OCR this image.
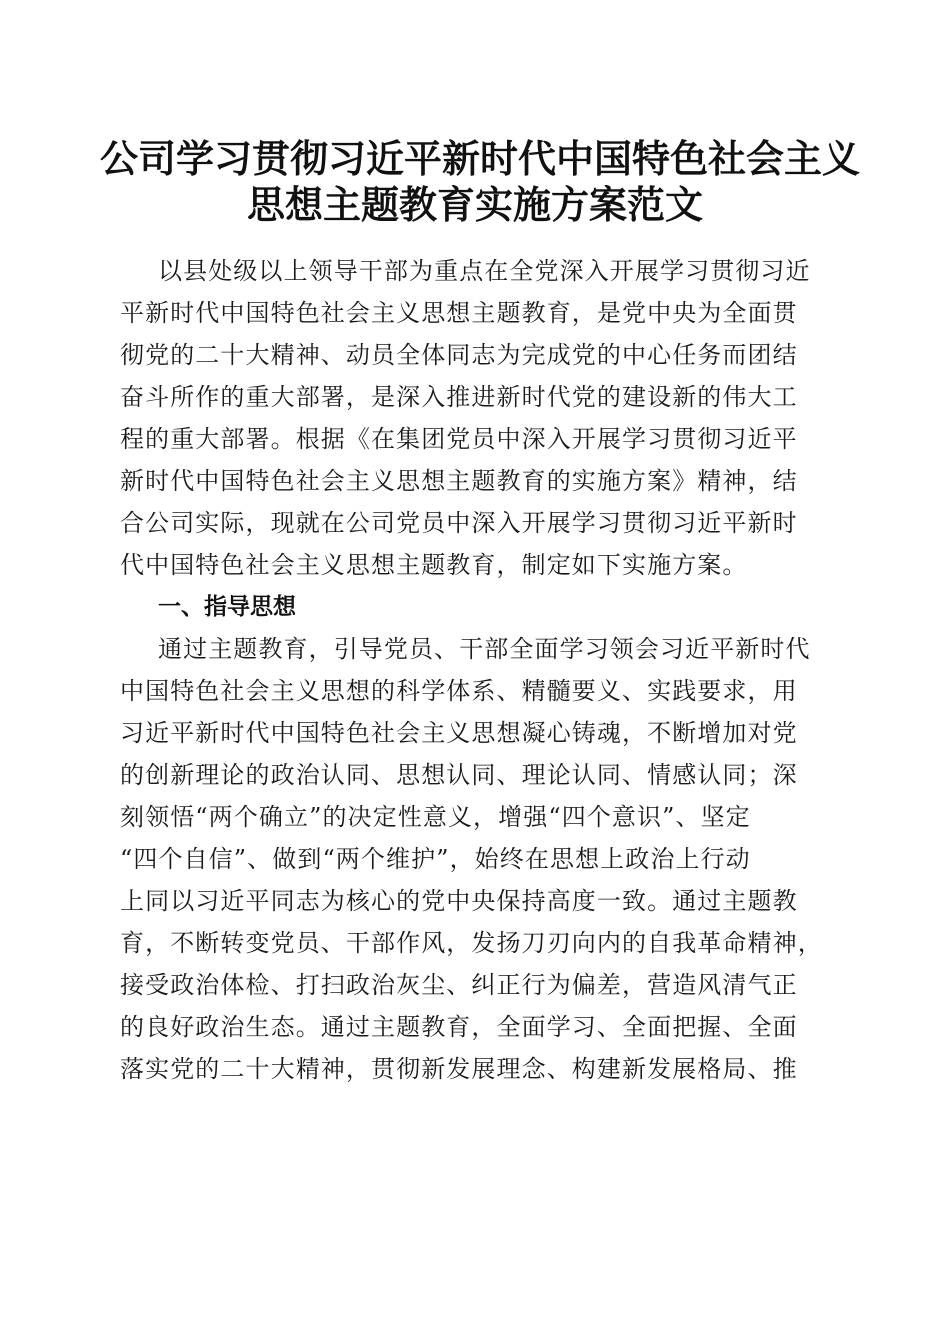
公司学习贯彻习近平新时代中国特色社会主义
思想主题教育实施方案范文
以县处级以上领导干部为重点在全党深入开展学习贯彻习近
平新时代中国特色社会主义思想主题教育，是党中央为全面贯
彻党的二十大精神、动员全体同志为完成党的中心任务而团结
奋斗所作的重大部署，是深入推进新时代党的建设新的伟大工
程的重大部署。根据《在集团党员中深入开展学习贯彻习近平
新时代中国特色社会主义思想主题教育的实施方案》精神，结
合公司实际，现就在公司党员中深入开展学习贯彻习近平新时
代中国特色社会主义思想主题教育，制定如下实施方案。
一、指导思想
通过主题教育，引导党员、干部全面学习领会习近平新时代
中国特色社会主义思想的科学体系、精髓要义、实践要求，用
习近平新时代中国特色社会主义思想凝心铸魂，不断增加对党
的创新理论的政治认同、思想认同、理论认同、情感认同；深
刻领悟“两个确立”的决定性意义，增强“四个意识”、坚定
“四个自信”、做到“两个维护”，始终在思想上政治上行动
上同以习近平同志为核心的党中央保持高度一致。通过主题教
育，不断转变党员、干部作风，发扬刀刃向内的自我革命精神，
接受政治体检、打扫政治灰尘、纠正行为偏差，营造风清气正
的良好政治生态。通过主题教育，全面学习、全面把握、全面
落实党的二十大精神，贯彻新发展理念、构建新发展格局、推
